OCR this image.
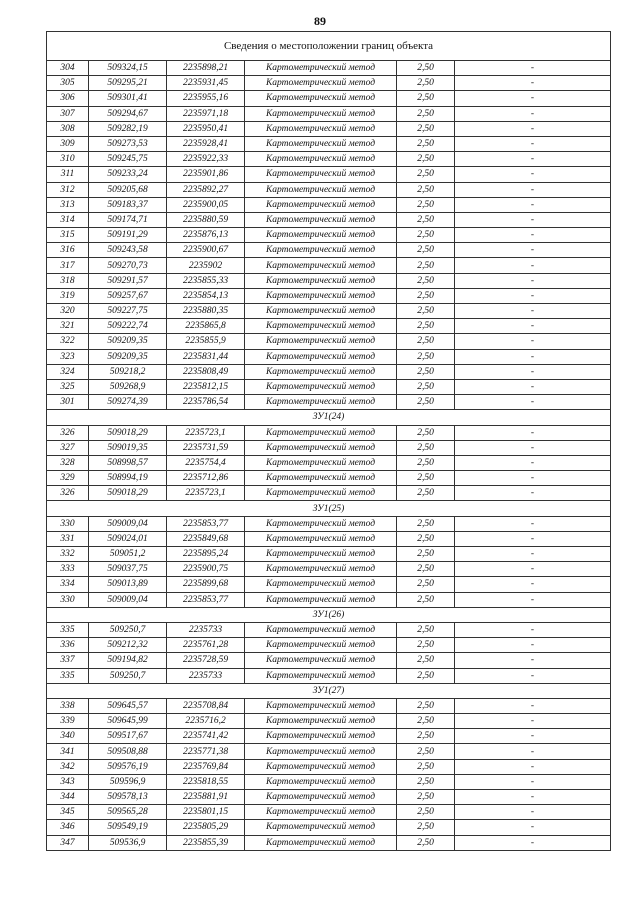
89
Сведения о местоположении границ объекта					
304	509324,15	2235898,21	Картометрический метод	2,50	-
305	509295,21	2235931,45	Картометрический метод	2,50	-
306	509301,41	2235955,16	Картометрический метод	2,50	-
307	509294,67	2235971,18	Картометрический метод	2,50	-
308	509282,19	2235950,41	Картометрический метод	2,50	-
309	509273,53	2235928,41	Картометрический метод	2,50	-
310	509245,75	2235922,33	Картометрический метод	2,50	-
311	509233,24	2235901,86	Картометрический метод	2,50	-
312	509205,68	2235892,27	Картометрический метод	2,50	-
313	509183,37	2235900,05	Картометрический метод	2,50	-
314	509174,71	2235880,59	Картометрический метод	2,50	-
315	509191,29	2235876,13	Картометрический метод	2,50	-
316	509243,58	2235900,67	Картометрический метод	2,50	-
317	509270,73	2235902	Картометрический метод	2,50	-
318	509291,57	2235855,33	Картометрический метод	2,50	-
319	509257,67	2235854,13	Картометрический метод	2,50	-
320	509227,75	2235880,35	Картометрический метод	2,50	-
321	509222,74	2235865,8	Картометрический метод	2,50	-
322	509209,35	2235855,9	Картометрический метод	2,50	-
323	509209,35	2235831,44	Картометрический метод	2,50	-
324	509218,2	2235808,49	Картометрический метод	2,50	-
325	509268,9	2235812,15	Картометрический метод	2,50	-
301	509274,39	2235786,54	Картометрический метод	2,50	-
ЗУ1(24)					
326	509018,29	2235723,1	Картометрический метод	2,50	-
327	509019,35	2235731,59	Картометрический метод	2,50	-
328	508998,57	2235754,4	Картометрический метод	2,50	-
329	508994,19	2235712,86	Картометрический метод	2,50	-
326	509018,29	2235723,1	Картометрический метод	2,50	-
ЗУ1(25)					
330	509009,04	2235853,77	Картометрический метод	2,50	-
331	509024,01	2235849,68	Картометрический метод	2,50	-
332	509051,2	2235895,24	Картометрический метод	2,50	-
333	509037,75	2235900,75	Картометрический метод	2,50	-
334	509013,89	2235899,68	Картометрический метод	2,50	-
330	509009,04	2235853,77	Картометрический метод	2,50	-
ЗУ1(26)					
335	509250,7	2235733	Картометрический метод	2,50	-
336	509212,32	2235761,28	Картометрический метод	2,50	-
337	509194,82	2235728,59	Картометрический метод	2,50	-
335	509250,7	2235733	Картометрический метод	2,50	-
ЗУ1(27)					
338	509645,57	2235708,84	Картометрический метод	2,50	-
339	509645,99	2235716,2	Картометрический метод	2,50	-
340	509517,67	2235741,42	Картометрический метод	2,50	-
341	509508,88	2235771,38	Картометрический метод	2,50	-
342	509576,19	2235769,84	Картометрический метод	2,50	-
343	509596,9	2235818,55	Картометрический метод	2,50	-
344	509578,13	2235881,91	Картометрический метод	2,50	-
345	509565,28	2235801,15	Картометрический метод	2,50	-
346	509549,19	2235805,29	Картометрический метод	2,50	-
347	509536,9	2235855,39	Картометрический метод	2,50	-
